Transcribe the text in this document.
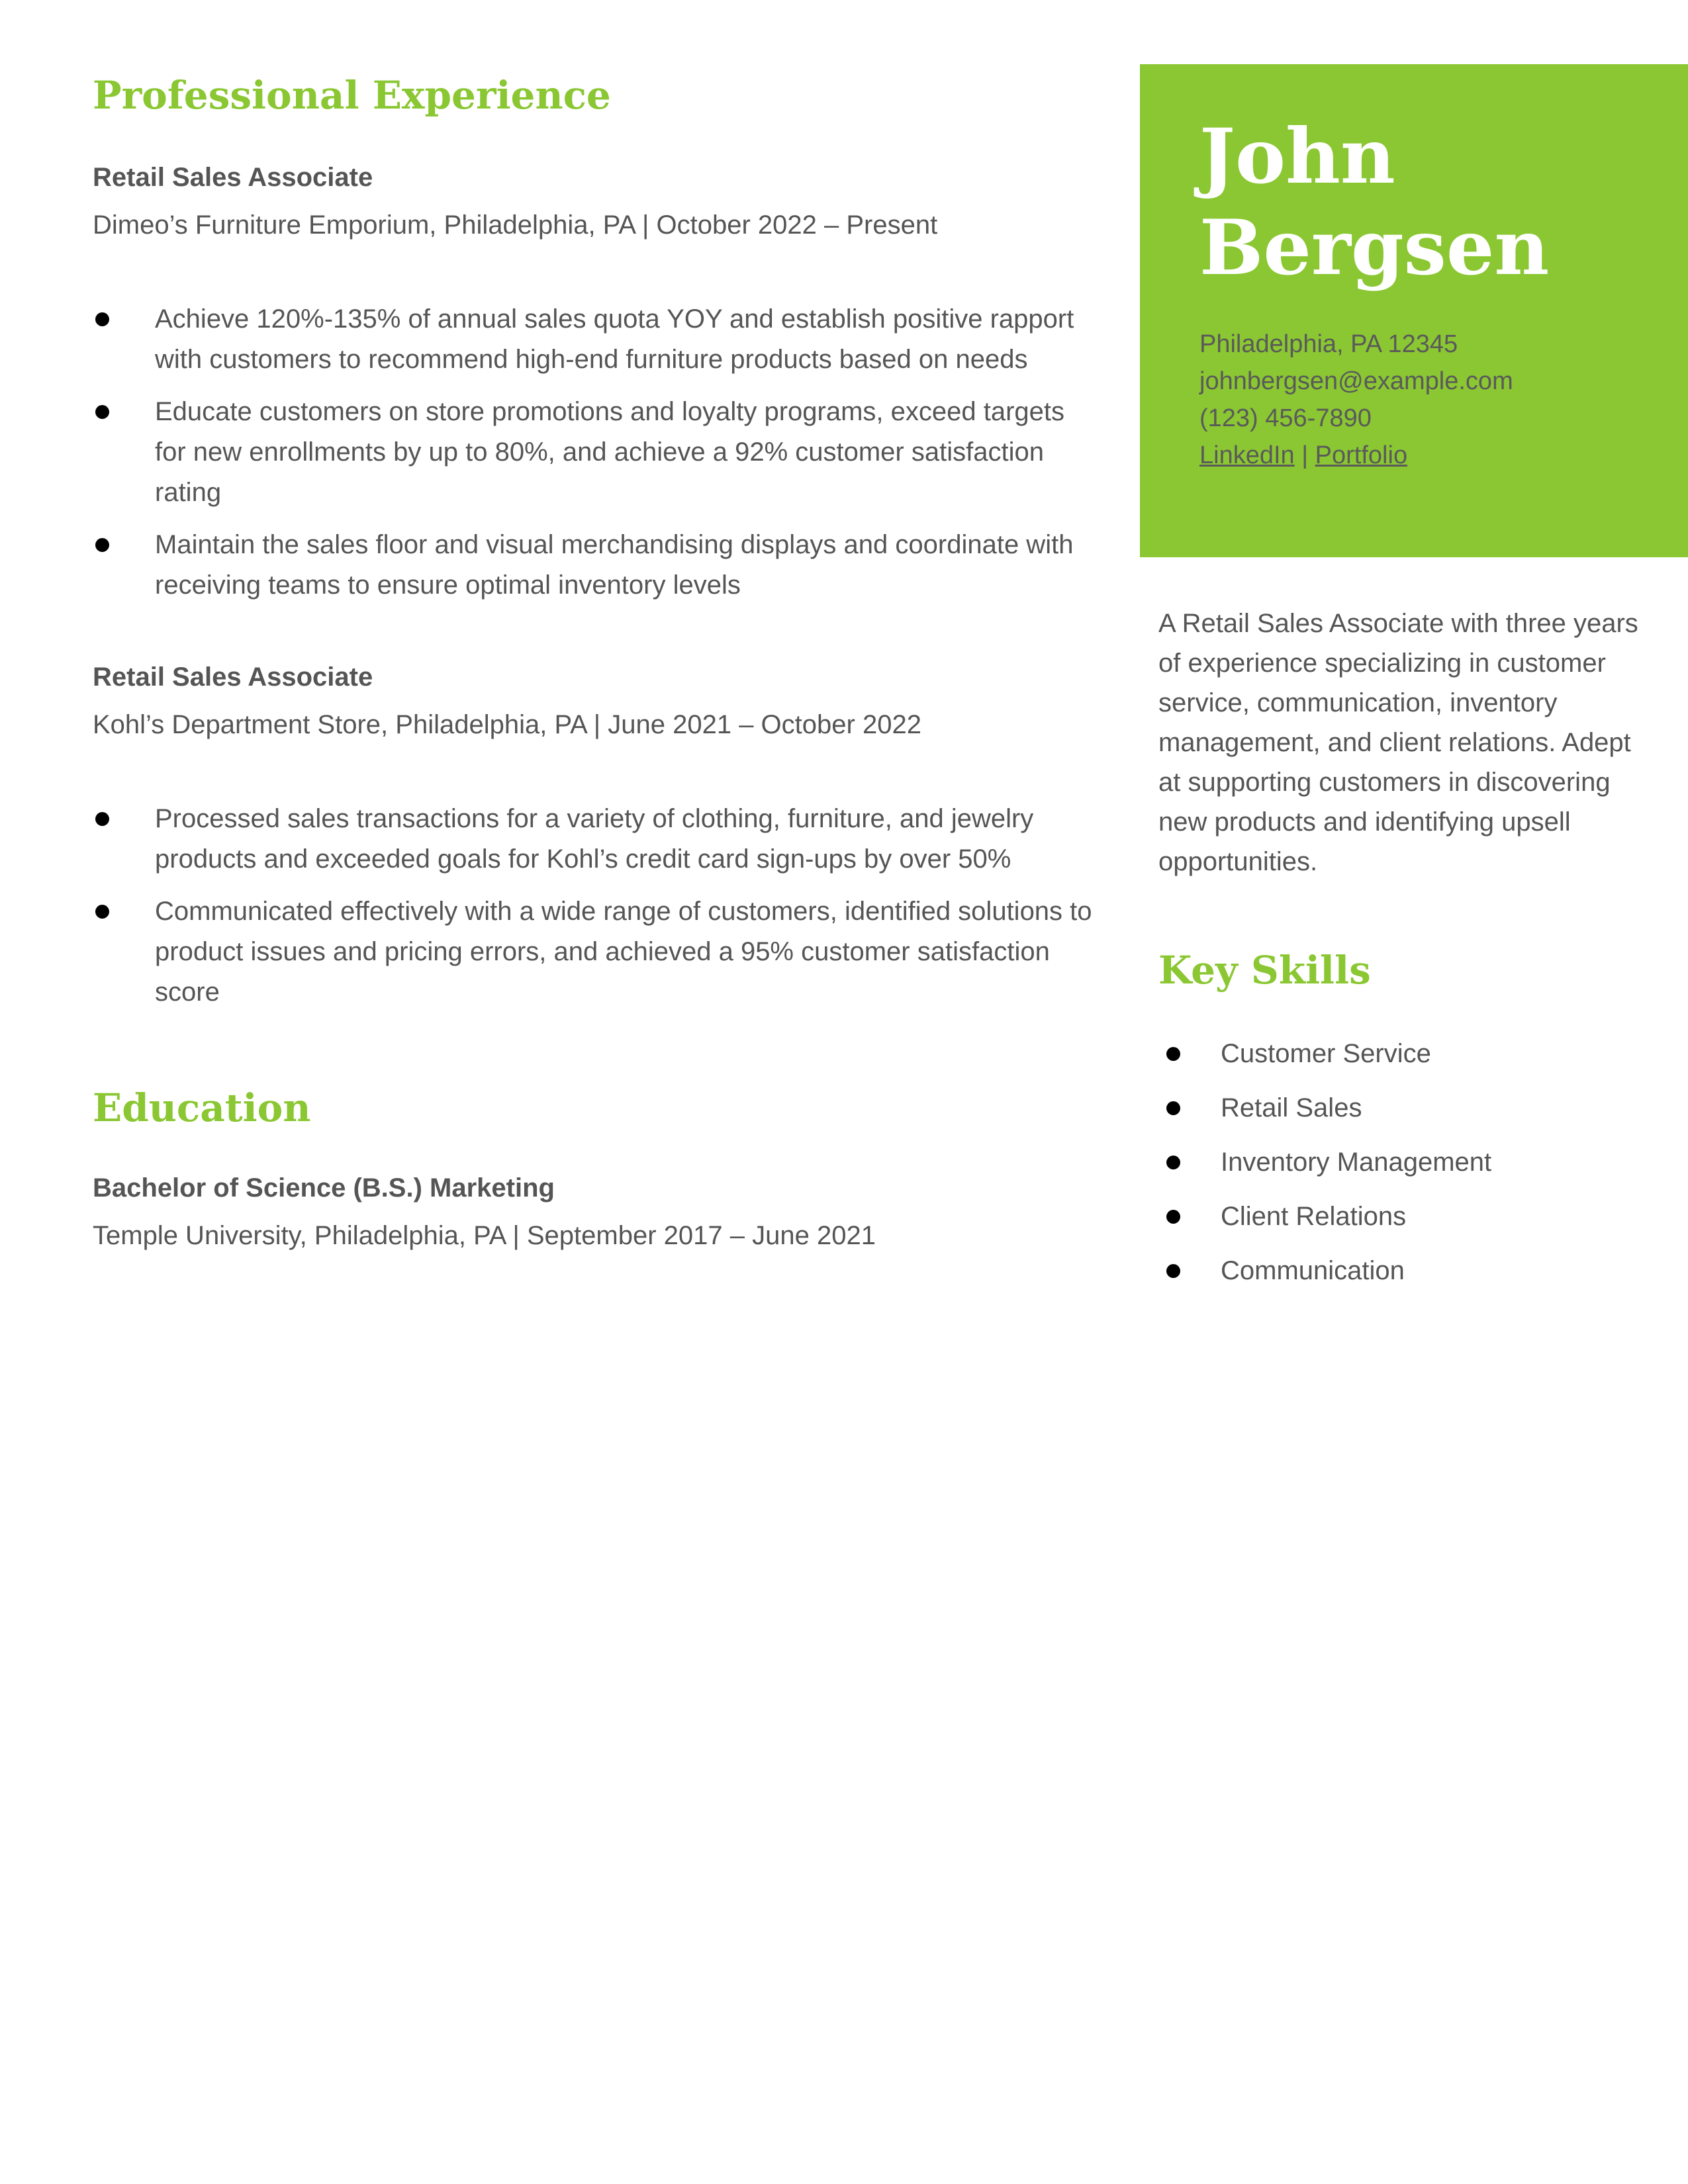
Professional Experience
Retail Sales Associate
Dimeo’s Furniture Emporium, Philadelphia, PA | October 2022 – Present
Achieve 120%-135% of annual sales quota YOY and establish positive rapport with customers to recommend high-end furniture products based on needs
Educate customers on store promotions and loyalty programs, exceed targets for new enrollments by up to 80%, and achieve a 92% customer satisfaction rating
Maintain the sales floor and visual merchandising displays and coordinate with receiving teams to ensure optimal inventory levels
Retail Sales Associate
Kohl’s Department Store, Philadelphia, PA | June 2021 – October 2022
Processed sales transactions for a variety of clothing, furniture, and jewelry products and exceeded goals for Kohl’s credit card sign-ups by over 50%
Communicated effectively with a wide range of customers, identified solutions to product issues and pricing errors, and achieved a 95% customer satisfaction score
Education
Bachelor of Science (B.S.) Marketing
Temple University, Philadelphia, PA | September 2017 – June 2021
John
Bergsen
Philadelphia, PA 12345
johnbergsen@example.com
(123) 456-7890
LinkedIn | Portfolio

A Retail Sales Associate with three years of experience specializing in customer service, communication, inventory management, and client relations. Adept at supporting customers in discovering new products and identifying upsell opportunities.

Key Skills
Customer Service
Retail Sales
Inventory Management
Client Relations
Communication
